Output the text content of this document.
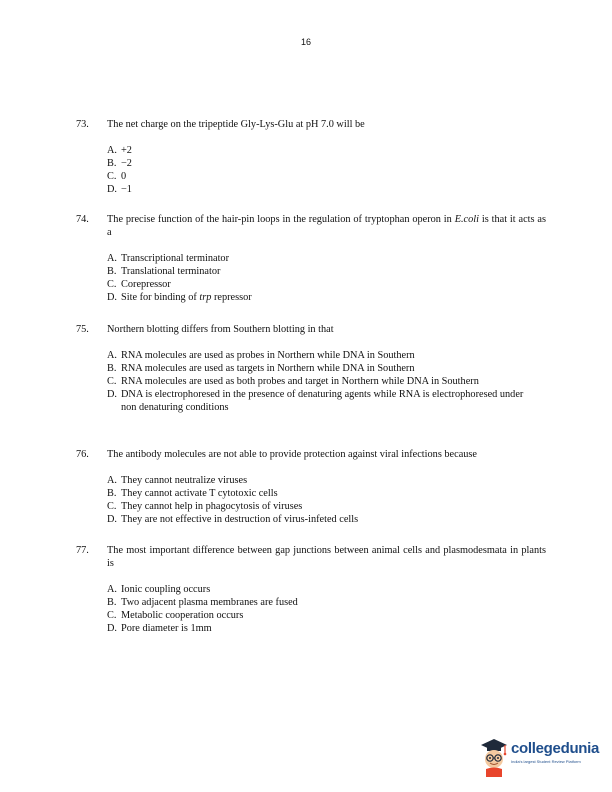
16
73. The net charge on the tripeptide Gly-Lys-Glu at pH 7.0 will be
A. +2
B. −2
C. 0
D. −1
74. The precise function of the hair-pin loops in the regulation of tryptophan operon in E.coli is that it acts as a
A. Transcriptional terminator
B. Translational terminator
C. Corepressor
D. Site for binding of trp repressor
75. Northern blotting differs from Southern blotting in that
A. RNA molecules are used as probes in Northern while DNA in Southern
B. RNA molecules are used as targets in Northern while DNA in Southern
C. RNA molecules are used as both probes and target in Northern while DNA in Southern
D. DNA is electrophoresed in the presence of denaturing agents while RNA is electrophoresed under non denaturing conditions
76. The antibody molecules are not able to provide protection against viral infections because
A. They cannot neutralize viruses
B. They cannot activate T cytotoxic cells
C. They cannot help in phagocytosis of viruses
D. They are not effective in destruction of virus-infeted cells
77. The most important difference between gap junctions between animal cells and plasmodesmata in plants is
A. Ionic coupling occurs
B. Two adjacent plasma membranes are fused
C. Metabolic cooperation occurs
D. Pore diameter is 1mm
collegedunia
India's largest Student Review Platform
